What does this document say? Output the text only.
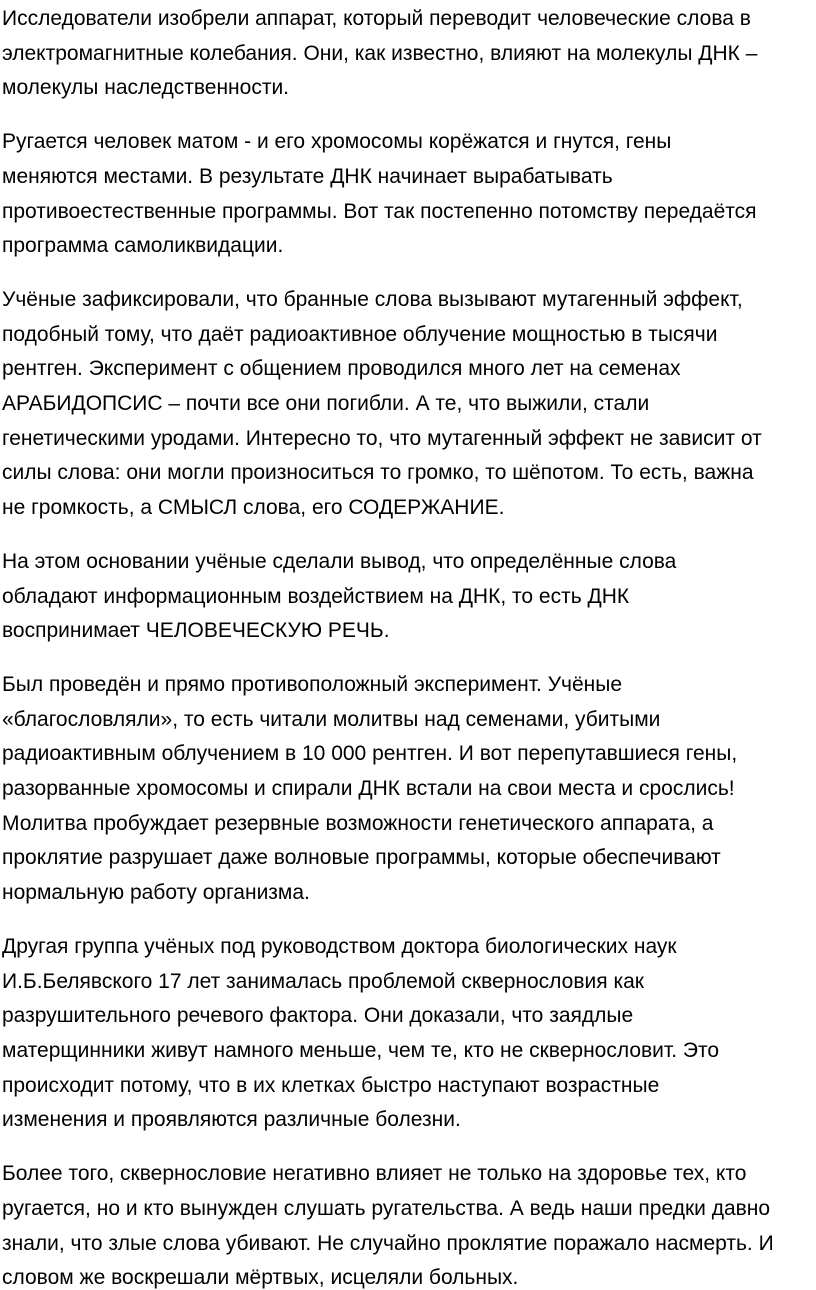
Исследователи изобрели аппарат, который переводит человеческие слова в
электромагнитные колебания. Они, как известно, влияют на молекулы ДНК –
молекулы наследственности.

Ругается человек матом - и его хромосомы корёжатся и гнутся, гены
меняются местами. В результате ДНК начинает вырабатывать
противоестественные программы. Вот так постепенно потомству передаётся
программа самоликвидации.

Учёные зафиксировали, что бранные слова вызывают мутагенный эффект,
подобный тому, что даёт радиоактивное облучение мощностью в тысячи
рентген. Эксперимент с общением проводился много лет на семенах
АРАБИДОПСИС – почти все они погибли. А те, что выжили, стали
генетическими уродами. Интересно то, что мутагенный эффект не зависит от
силы слова: они могли произноситься то громко, то шёпотом. То есть, важна
не громкость, а СМЫСЛ слова, его СОДЕРЖАНИЕ.

На этом основании учёные сделали вывод, что определённые слова
обладают информационным воздействием на ДНК, то есть ДНК
воспринимает ЧЕЛОВЕЧЕСКУЮ РЕЧЬ.

Был проведён и прямо противоположный эксперимент. Учёные
«благословляли», то есть читали молитвы над семенами, убитыми
радиоактивным облучением в 10 000 рентген. И вот перепутавшиеся гены,
разорванные хромосомы и спирали ДНК встали на свои места и срослись!
Молитва пробуждает резервные возможности генетического аппарата, а
проклятие разрушает даже волновые программы, которые обеспечивают
нормальную работу организма.

Другая группа учёных под руководством доктора биологических наук
И.Б.Белявского 17 лет занималась проблемой сквернословия как
разрушительного речевого фактора. Они доказали, что заядлые
матерщинники живут намного меньше, чем те, кто не сквернословит. Это
происходит потому, что в их клетках быстро наступают возрастные
изменения и проявляются различные болезни.

Более того, сквернословие негативно влияет не только на здоровье тех, кто
ругается, но и кто вынужден слушать ругательства. А ведь наши предки давно
знали, что злые слова убивают. Не случайно проклятие поражало насмерть. И
словом же воскрешали мёртвых, исцеляли больных.
